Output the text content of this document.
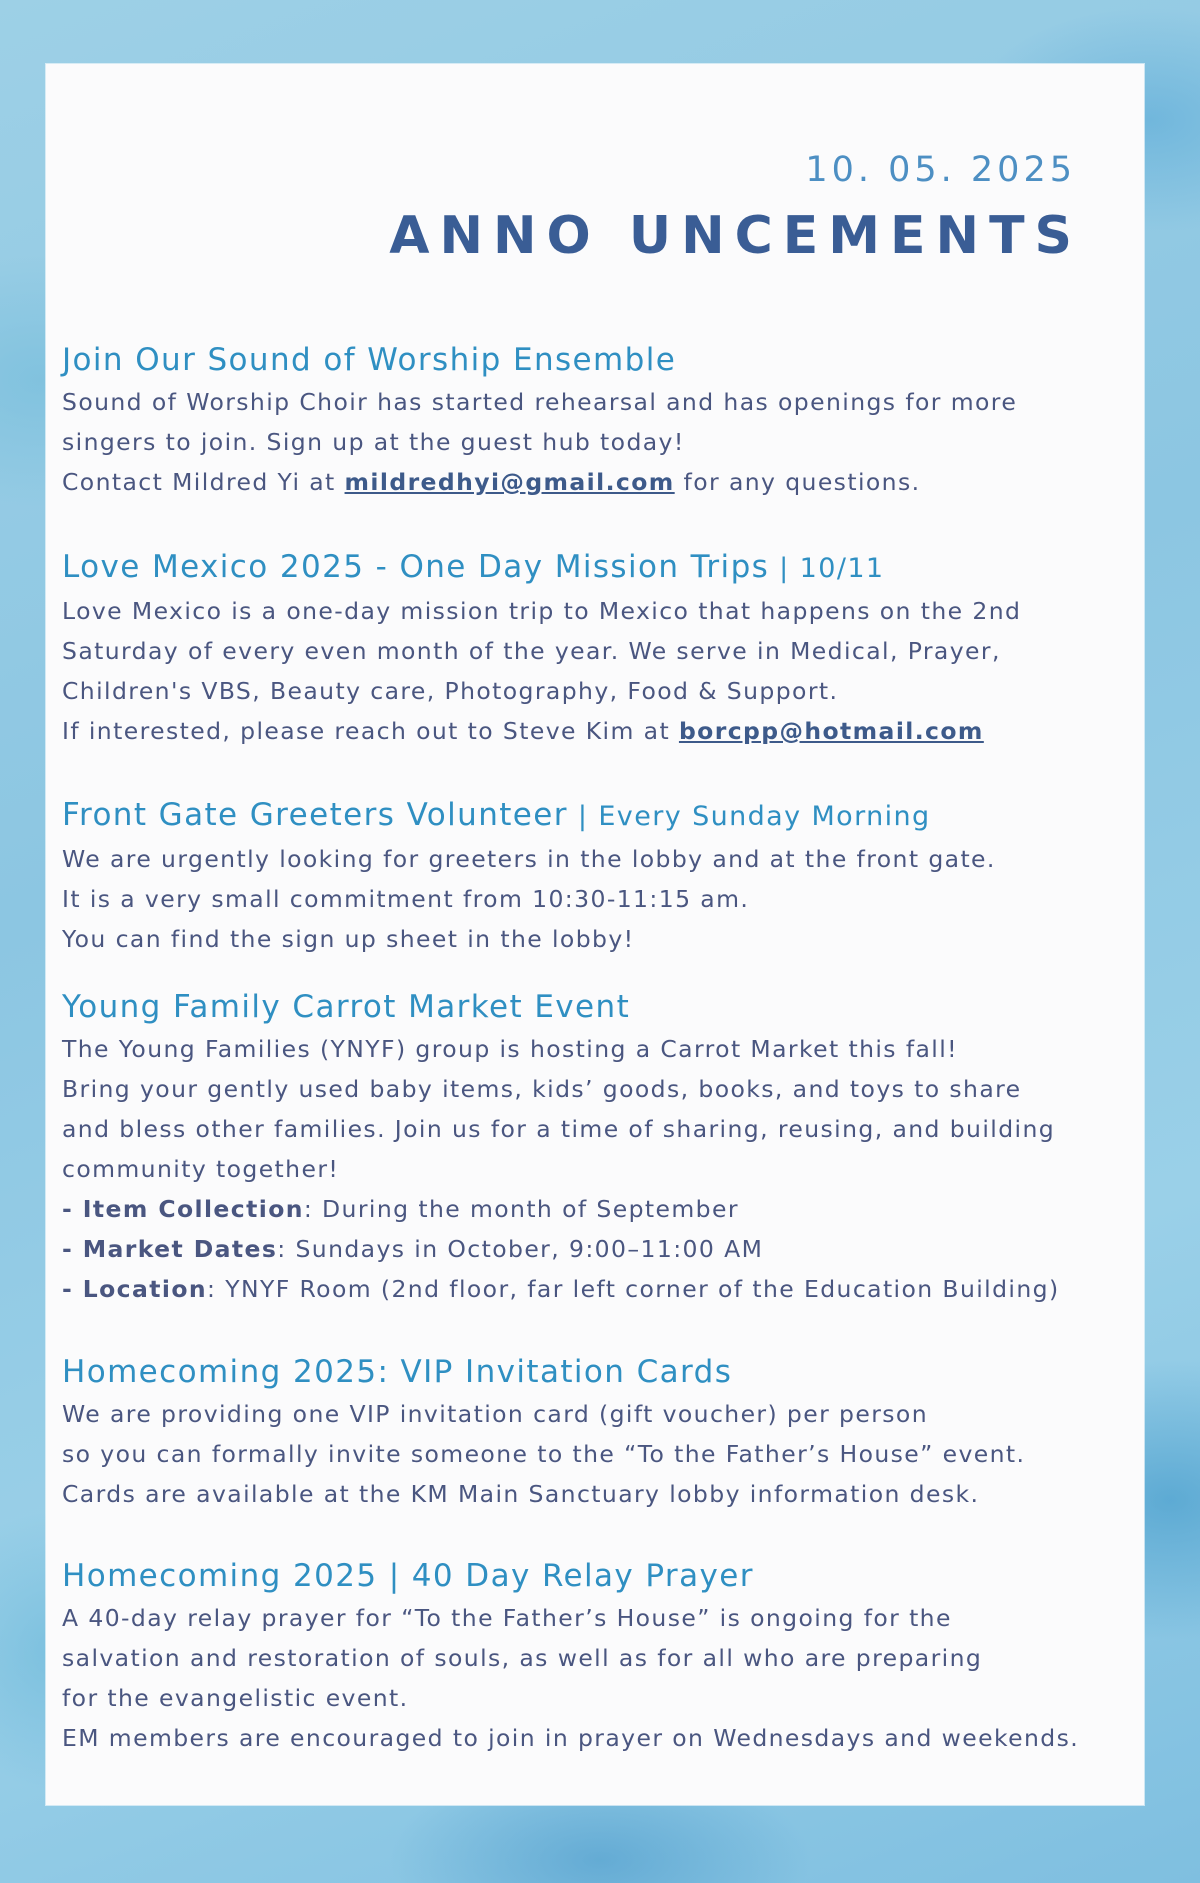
10. 05. 2025
ANNO UNCEMENTS
Join Our Sound of Worship Ensemble
Sound of Worship Choir has started rehearsal and has openings for more
singers to join. Sign up at the guest hub today!
Contact Mildred Yi at mildredhyi@gmail.com for any questions.
Love Mexico 2025 - One Day Mission Trips | 10/11
Love Mexico is a one-day mission trip to Mexico that happens on the 2nd
Saturday of every even month of the year. We serve in Medical, Prayer,
Children's VBS, Beauty care, Photography, Food & Support.
If interested, please reach out to Steve Kim at borcpp@hotmail.com
Front Gate Greeters Volunteer | Every Sunday Morning
We are urgently looking for greeters in the lobby and at the front gate.
It is a very small commitment from 10:30-11:15 am.
You can find the sign up sheet in the lobby!
Young Family Carrot Market Event
The Young Families (YNYF) group is hosting a Carrot Market this fall!
Bring your gently used baby items, kids’ goods, books, and toys to share
and bless other families. Join us for a time of sharing, reusing, and building
community together!
- Item Collection: During the month of September
- Market Dates: Sundays in October, 9:00–11:00 AM
- Location: YNYF Room (2nd floor, far left corner of the Education Building)
Homecoming 2025: VIP Invitation Cards
We are providing one VIP invitation card (gift voucher) per person
so you can formally invite someone to the “To the Father’s House” event.
Cards are available at the KM Main Sanctuary lobby information desk.
Homecoming 2025 | 40 Day Relay Prayer
A 40-day relay prayer for “To the Father’s House” is ongoing for the
salvation and restoration of souls, as well as for all who are preparing
for the evangelistic event.
EM members are encouraged to join in prayer on Wednesdays and weekends.
